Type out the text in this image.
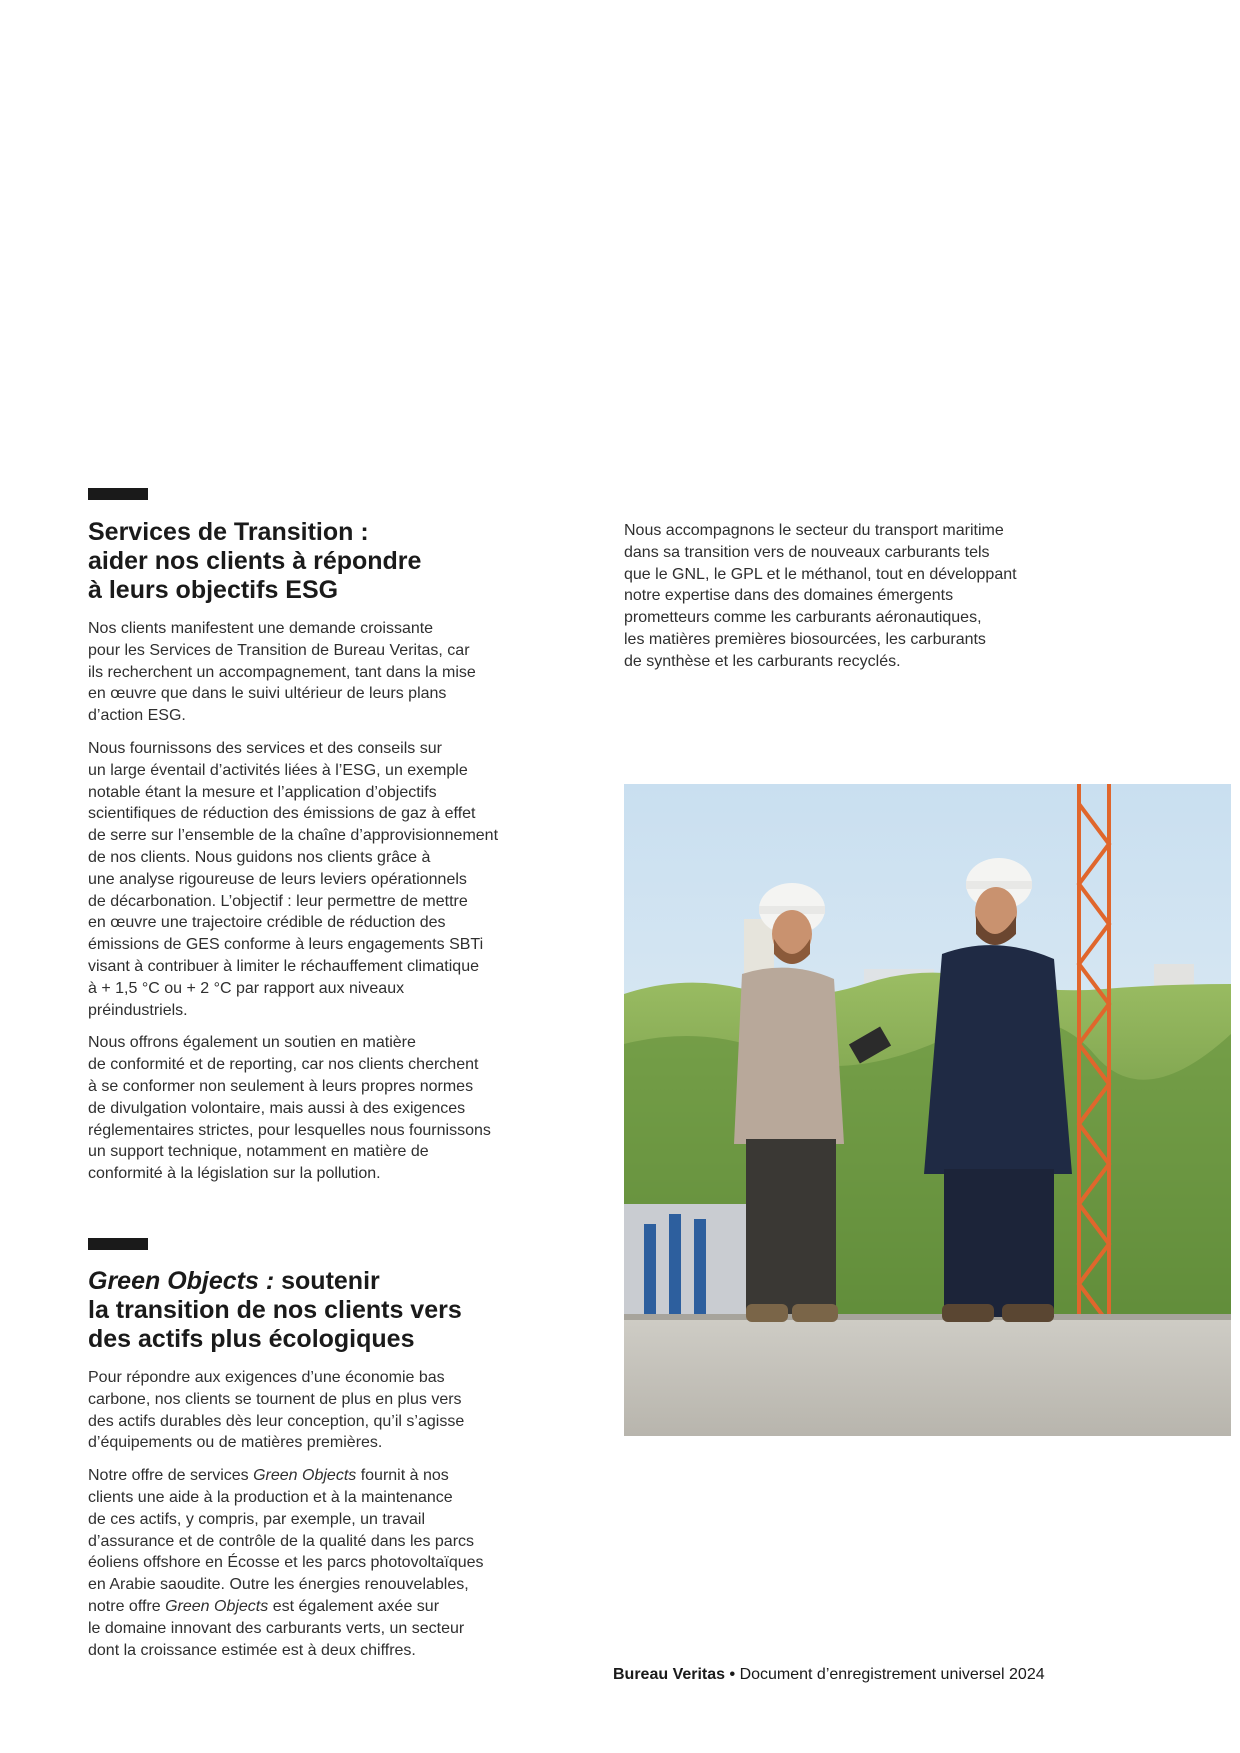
Services de Transition :
aider nos clients à répondre
à leurs objectifs ESG

Nos clients manifestent une demande croissante
pour les Services de Transition de Bureau Veritas, car
ils recherchent un accompagnement, tant dans la mise
en œuvre que dans le suivi ultérieur de leurs plans
d’action ESG.

Nous fournissons des services et des conseils sur
un large éventail d’activités liées à l’ESG, un exemple
notable étant la mesure et l’application d’objectifs
scientifiques de réduction des émissions de gaz à effet
de serre sur l’ensemble de la chaîne d’approvisionnement
de nos clients. Nous guidons nos clients grâce à
une analyse rigoureuse de leurs leviers opérationnels
de décarbonation. L’objectif : leur permettre de mettre
en œuvre une trajectoire crédible de réduction des
émissions de GES conforme à leurs engagements SBTi
visant à contribuer à limiter le réchauffement climatique
à + 1,5 °C ou + 2 °C par rapport aux niveaux
préindustriels.

Nous offrons également un soutien en matière
de conformité et de reporting, car nos clients cherchent
à se conformer non seulement à leurs propres normes
de divulgation volontaire, mais aussi à des exigences
réglementaires strictes, pour lesquelles nous fournissons
un support technique, notamment en matière de
conformité à la législation sur la pollution.

Green Objects : soutenir
la transition de nos clients vers
des actifs plus écologiques

Pour répondre aux exigences d’une économie bas
carbone, nos clients se tournent de plus en plus vers
des actifs durables dès leur conception, qu’il s’agisse
d’équipements ou de matières premières.

Notre offre de services Green Objects fournit à nos
clients une aide à la production et à la maintenance
de ces actifs, y compris, par exemple, un travail
d’assurance et de contrôle de la qualité dans les parcs
éoliens offshore en Écosse et les parcs photovoltaïques
en Arabie saoudite. Outre les énergies renouvelables,
notre offre Green Objects est également axée sur
le domaine innovant des carburants verts, un secteur
dont la croissance estimée est à deux chiffres.

Nous accompagnons le secteur du transport maritime
dans sa transition vers de nouveaux carburants tels
que le GNL, le GPL et le méthanol, tout en développant
notre expertise dans des domaines émergents
prometteurs comme les carburants aéronautiques,
les matières premières biosourcées, les carburants
de synthèse et les carburants recyclés.

Bureau Veritas • Document d’enregistrement universel 2024
